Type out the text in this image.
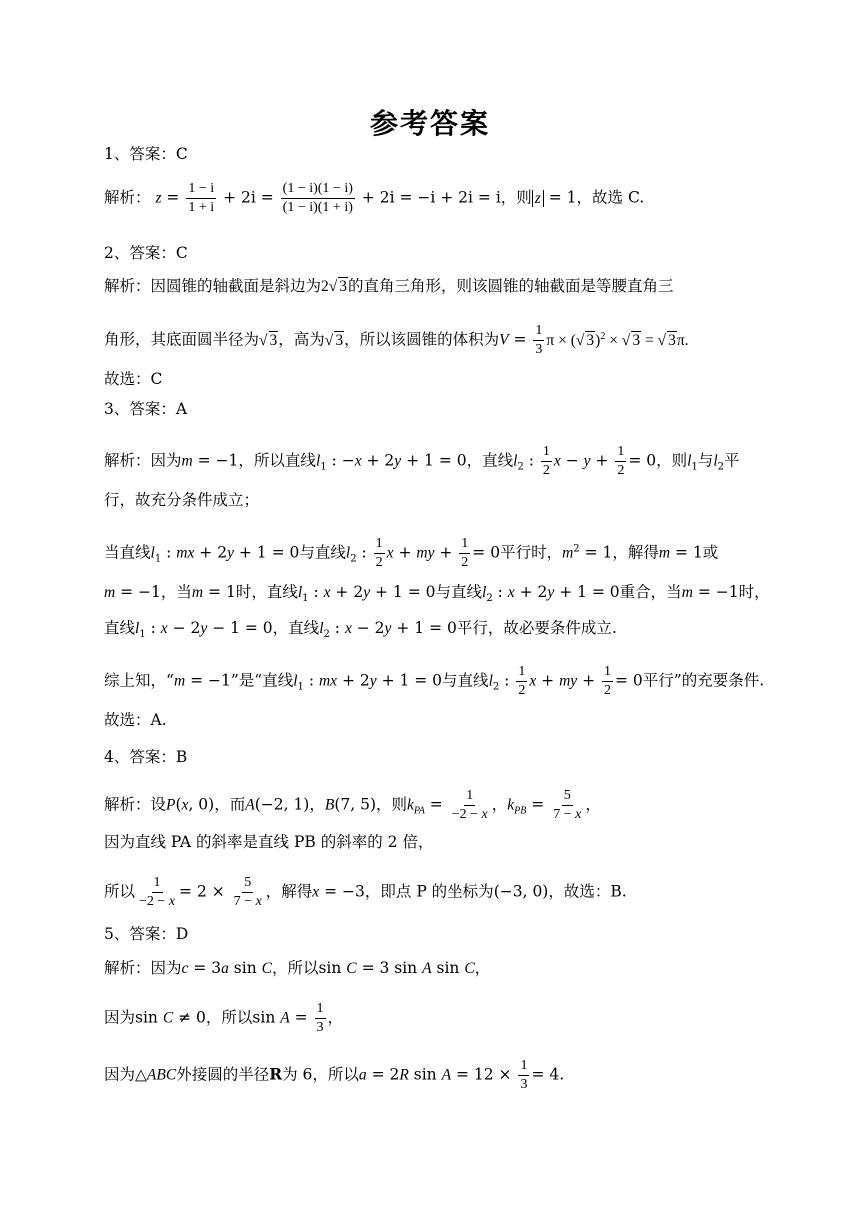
参考答案
1、答案：C
解析： $z = \frac{1 - i}{1 + i} + 2i = \frac{(1 - i)(1 - i)}{(1 - i)(1 + i)} + 2i = -i + 2i = i$，则 z = 1，故选 C.
2、答案：C
解析：因圆锥的轴截面是斜边为2√ 3的直角三角形，则该圆锥的轴截面是等腰直角三
角形，其底面圆半径为√ 3，高为√ 3，所以该圆锥的体积为$V = \frac{1}{3}$ π × (√ 3)$^2$ × √ 3 = √ 3π.
故选：C
3、答案：A
解析：因为m = −1，所以直线$l_1$ : −x + 2y + 1 = 0，直线$l_2$ : $\frac{1}{2}$ $x - y + \frac{1}{2} = 0$，则$l_1$与$l_2$平
行，故充分条件成立；
当直线$l_1$ : mx + 2y + 1 = 0与直线$l_2$ : $\frac{1}{2}$ x + my + $\frac{1}{2} = 0$平行时，$m^2 = 1$，解得m = 1或
m = −1，当m = 1时，直线$l_1$ : x + 2y + 1 = 0与直线$l_2$ : x + 2y + 1 = 0重合，当m = −1时，
直线$l_1$ : x − 2y − 1 = 0，直线$l_2$ : x − 2y + 1 = 0平行，故必要条件成立.
综上知，“m = −1”是“直线$l_1$ : mx + 2y + 1 = 0与直线$l_2$ : $\frac{1}{2}$ x + my + $\frac{1}{2} = 0$平行”的充要条件.
故选：A.
4、答案：B
解析：设P(x, 0)，而A(−2, 1)，B(7, 5)，则$k_{PA} = \frac{1}{-2 - x}$ ，$k_{PB} = \frac{5}{7 - x}$ ，
因为直线 PA 的斜率是直线 PB 的斜率的 2 倍，
所以 $\frac{1}{-2 - x} = 2 \times \frac{5}{7 - x}$ ，解得x = −3，即点 P 的坐标为(−3, 0)，故选：B.
5、答案：D
解析：因为c = 3a sin C，所以sin C = 3 sin A sin C，
因为sin C ≠ 0，所以$\sin A = \frac{1}{3}$ ，
因为△ABC外接圆的半径R为 6，所以a = 2R $\sin A = 12 \times \frac{1}{3} = 4$.
